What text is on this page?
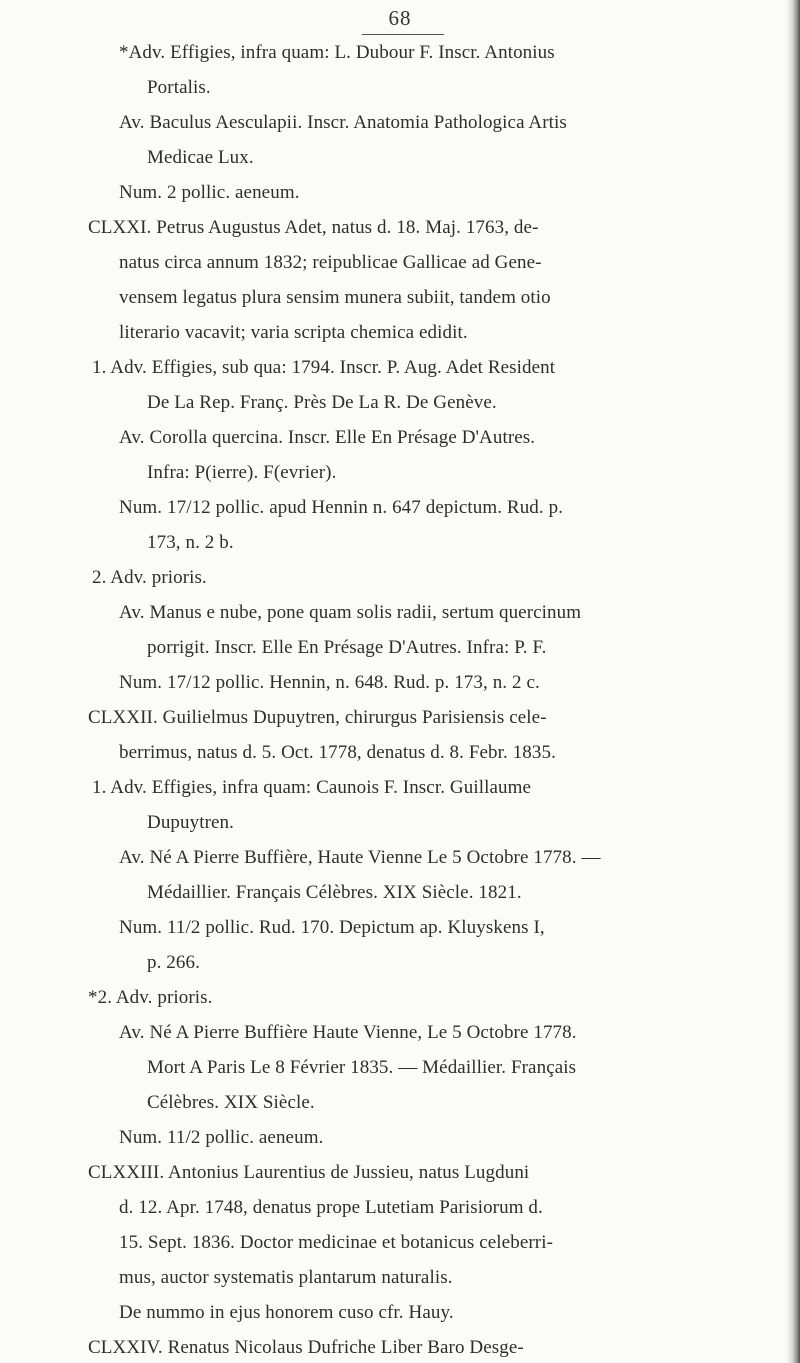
68
*Adv. Effigies, infra quam: L. Dubour F. Inscr. Antonius
Portalis.
Av. Baculus Aesculapii. Inscr. Anatomia Pathologica Artis
Medicae Lux.
Num. 2 pollic. aeneum.
CLXXI. Petrus Augustus Adet, natus d. 18. Maj. 1763, de-
natus circa annum 1832; reipublicae Gallicae ad Gene-
vensem legatus plura sensim munera subiit, tandem otio
literario vacavit; varia scripta chemica edidit.
1. Adv. Effigies, sub qua: 1794. Inscr. P. Aug. Adet Resident
De La Rep. Franç. Près De La R. De Genève.
Av. Corolla quercina. Inscr. Elle En Présage D'Autres.
Infra: P(ierre). F(evrier).
Num. 17/12 pollic. apud Hennin n. 647 depictum. Rud. p.
173, n. 2 b.
2. Adv. prioris.
Av. Manus e nube, pone quam solis radii, sertum quercinum
porrigit. Inscr. Elle En Présage D'Autres. Infra: P. F.
Num. 17/12 pollic. Hennin, n. 648. Rud. p. 173, n. 2 c.
CLXXII. Guilielmus Dupuytren, chirurgus Parisiensis cele-
berrimus, natus d. 5. Oct. 1778, denatus d. 8. Febr. 1835.
1. Adv. Effigies, infra quam: Caunois F. Inscr. Guillaume
Dupuytren.
Av. Né A Pierre Buffière, Haute Vienne Le 5 Octobre 1778. —
Médaillier. Français Célèbres. XIX Siècle. 1821.
Num. 11/2 pollic. Rud. 170. Depictum ap. Kluyskens I,
p. 266.
*2. Adv. prioris.
Av. Né A Pierre Buffière Haute Vienne, Le 5 Octobre 1778.
Mort A Paris Le 8 Février 1835. — Médaillier. Français
Célèbres. XIX Siècle.
Num. 11/2 pollic. aeneum.
CLXXIII. Antonius Laurentius de Jussieu, natus Lugduni
d. 12. Apr. 1748, denatus prope Lutetiam Parisiorum d.
15. Sept. 1836. Doctor medicinae et botanicus celeberri-
mus, auctor systematis plantarum naturalis.
De nummo in ejus honorem cuso cfr. Hauy.
CLXXIV. Renatus Nicolaus Dufriche Liber Baro Desge-
